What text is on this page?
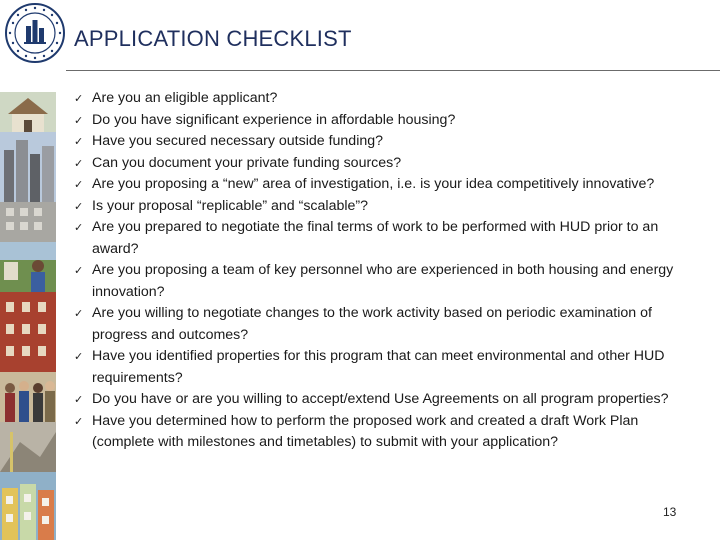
APPLICATION CHECKLIST
✓ Are you an eligible applicant?
✓ Do you have significant experience in affordable housing?
✓ Have you secured necessary outside funding?
✓ Can you document your private funding sources?
✓ Are you proposing a “new” area of investigation, i.e. is your idea competitively innovative?
✓ Is your proposal “replicable” and “scalable”?
✓ Are you prepared to negotiate the final terms of work to be performed with HUD prior to an award?
✓ Are you proposing a team of key personnel who are experienced in both housing and energy innovation?
✓ Are you willing to negotiate changes to the work activity based on periodic examination of progress and outcomes?
✓ Have you identified properties for this program that can meet environmental and other HUD requirements?
✓ Do you have or are you willing to accept/extend Use Agreements on all program properties?
✓ Have you determined how to perform the proposed work and created a draft Work Plan (complete with milestones and timetables) to submit with your application?
13
